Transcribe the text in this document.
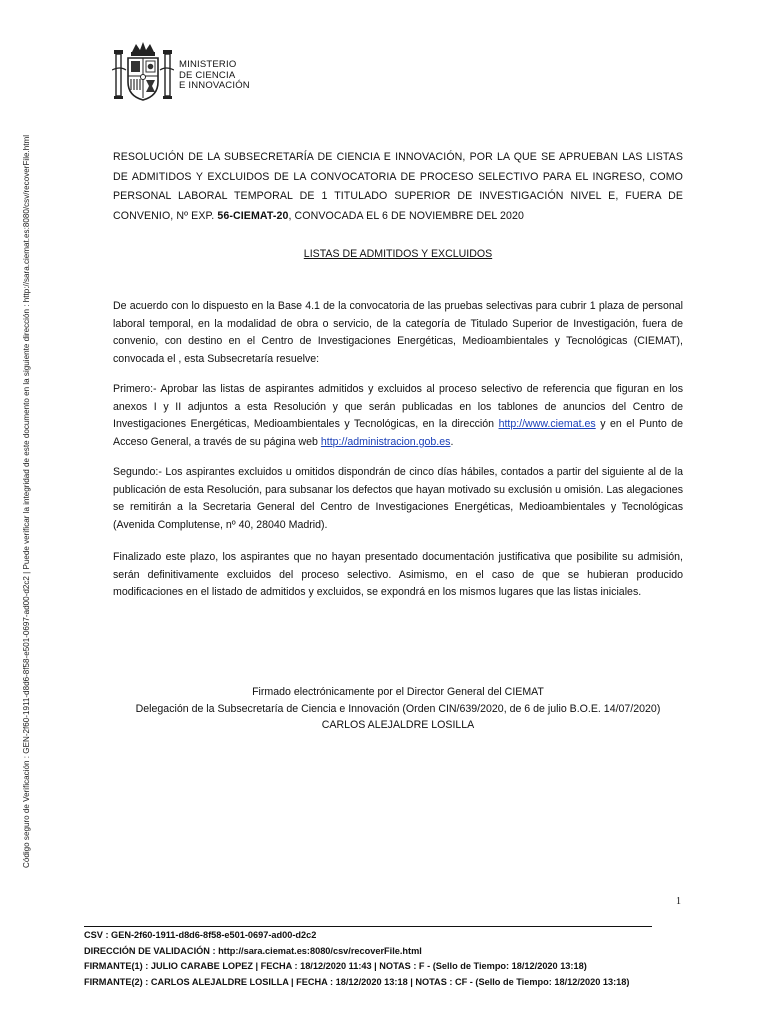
Código seguro de Verificación : GEN-2f60-1911-d8d6-8f58-e501-0697-ad00-d2c2 | Puede verificar la integridad de este documento en la siguiente dirección : http://sara.ciemat.es:8080/csv/recoverFile.html
MINISTERIO
DE CIENCIA
E INNOVACIÓN
RESOLUCIÓN DE LA SUBSECRETARÍA DE CIENCIA E INNOVACIÓN, POR LA QUE SE APRUEBAN LAS LISTAS DE ADMITIDOS Y EXCLUIDOS DE LA CONVOCATORIA DE PROCESO SELECTIVO PARA EL INGRESO, COMO PERSONAL LABORAL TEMPORAL DE 1 TITULADO SUPERIOR DE INVESTIGACIÓN NIVEL E, FUERA DE CONVENIO, Nº EXP. 56-CIEMAT-20, CONVOCADA EL 6 DE NOVIEMBRE DEL 2020
LISTAS DE ADMITIDOS Y EXCLUIDOS
De acuerdo con lo dispuesto en la Base 4.1 de la convocatoria de las pruebas selectivas para cubrir 1 plaza de personal laboral temporal, en la modalidad de obra o servicio, de la categoría de Titulado Superior de Investigación, fuera de convenio, con destino en el Centro de Investigaciones Energéticas, Medioambientales y Tecnológicas (CIEMAT), convocada el , esta Subsecretaría resuelve:
Primero:- Aprobar las listas de aspirantes admitidos y excluidos al proceso selectivo de referencia que figuran en los anexos I y II adjuntos a esta Resolución y que serán publicadas en los tablones de anuncios del Centro de Investigaciones Energéticas, Medioambientales y Tecnológicas, en la dirección http://www.ciemat.es y en el Punto de Acceso General, a través de su página web http://administracion.gob.es.
Segundo:- Los aspirantes excluidos u omitidos dispondrán de cinco días hábiles, contados a partir del siguiente al de la publicación de esta Resolución, para subsanar los defectos que hayan motivado su exclusión u omisión. Las alegaciones se remitirán a la Secretaria General del Centro de Investigaciones Energéticas, Medioambientales y Tecnológicas (Avenida Complutense, nº 40, 28040 Madrid).
Finalizado este plazo, los aspirantes que no hayan presentado documentación justificativa que posibilite su admisión, serán definitivamente excluidos del proceso selectivo. Asimismo, en el caso de que se hubieran producido modificaciones en el listado de admitidos y excluidos, se expondrá en los mismos lugares que las listas iniciales.
Firmado electrónicamente por el Director General del CIEMAT
Delegación de la Subsecretaría de Ciencia e Innovación (Orden CIN/639/2020, de 6 de julio B.O.E. 14/07/2020)
CARLOS ALEJALDRE LOSILLA
1
CSV : GEN-2f60-1911-d8d6-8f58-e501-0697-ad00-d2c2
DIRECCIÓN DE VALIDACIÓN : http://sara.ciemat.es:8080/csv/recoverFile.html
FIRMANTE(1) : JULIO CARABE LOPEZ | FECHA : 18/12/2020 11:43 | NOTAS : F - (Sello de Tiempo: 18/12/2020 13:18)
FIRMANTE(2) : CARLOS ALEJALDRE LOSILLA | FECHA : 18/12/2020 13:18 | NOTAS : CF - (Sello de Tiempo: 18/12/2020 13:18)
